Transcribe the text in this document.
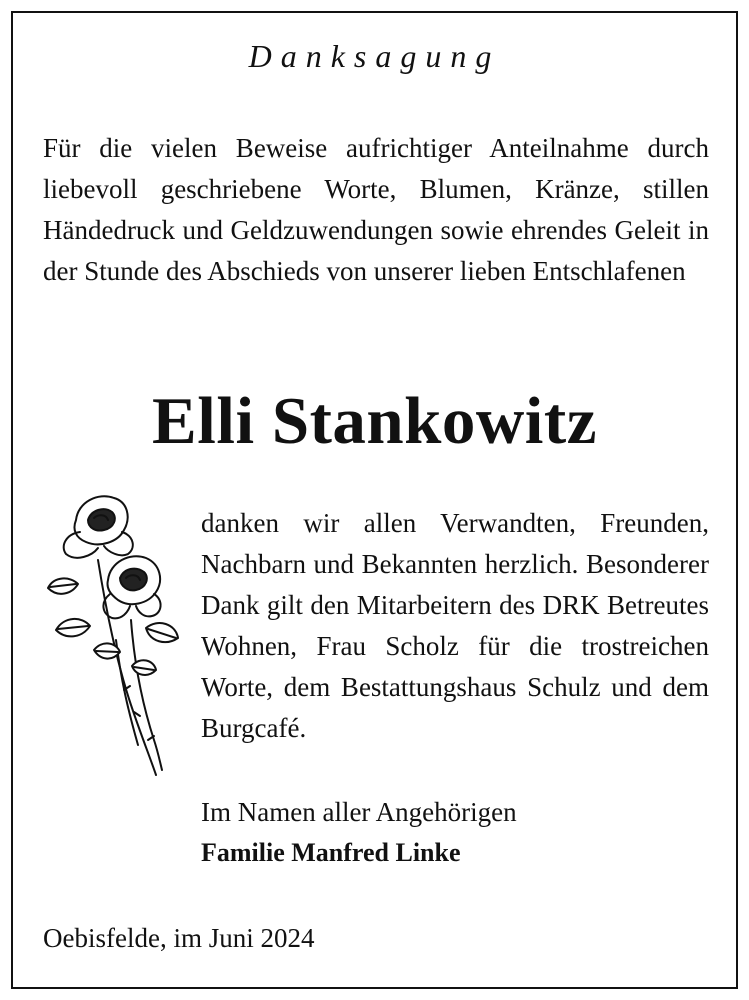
Danksagung

Für die vielen Beweise aufrichtiger Anteilnahme durch liebevoll geschriebene Worte, Blumen, Kränze, stillen Händedruck und Geldzuwendungen sowie ehrendes Geleit in der Stunde des Abschieds von unserer lieben Entschlafenen

Elli Stankowitz

danken wir allen Verwandten, Freunden, Nachbarn und Bekannten herzlich. Besonderer Dank gilt den Mitarbeitern des DRK Betreutes Wohnen, Frau Scholz für die trostreichen Worte, dem Bestattungshaus Schulz und dem Burgcafé.

Im Namen aller Angehörigen
Familie Manfred Linke
Oebisfelde, im Juni 2024
